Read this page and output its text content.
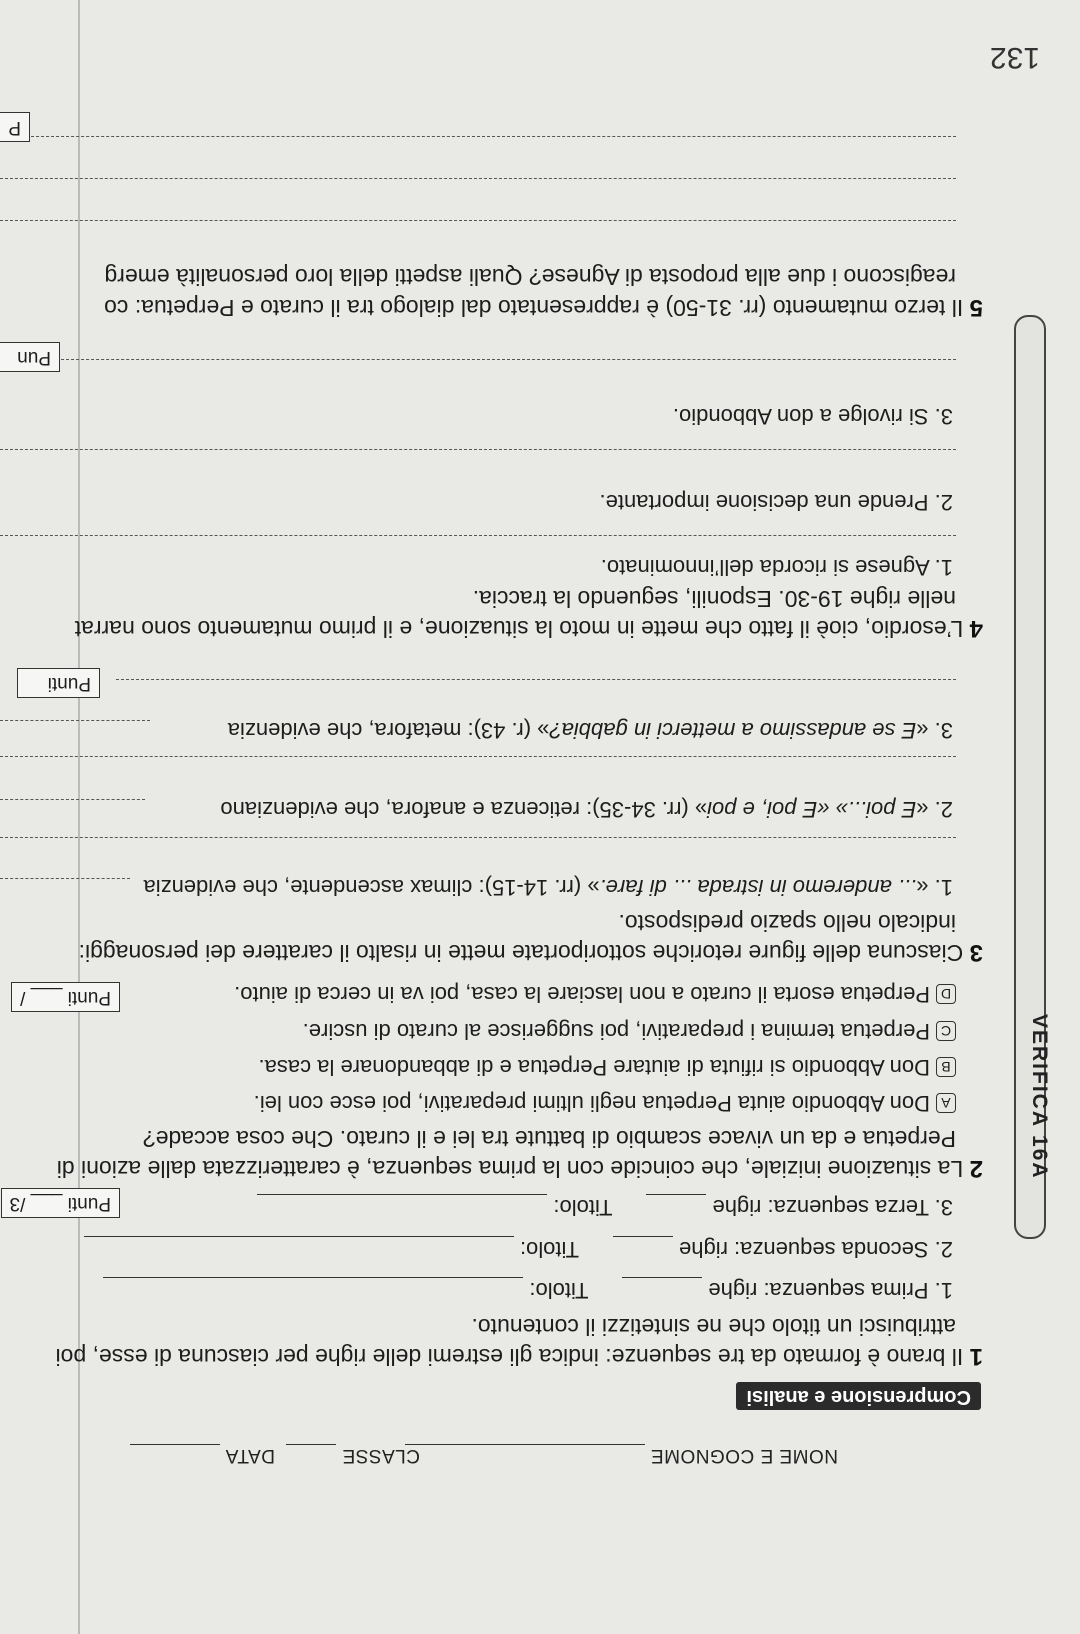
NOME E COGNOME
CLASSE
DATA
Comprensione e analisi
VERIFICA 16A
1 Il brano è formato da tre sequenze: indica gli estremi delle righe per ciascuna di esse, poi
attribuisci un titolo che ne sintetizzi il contenuto.
1. Prima sequenza: righe   Titolo:
2. Seconda sequenza: righe   Titolo:
3. Terza sequenza: righe   Titolo:
Punti ___ /3
2 La situazione iniziale, che coincide con la prima sequenza, è caratterizzata dalle azioni di
Perpetua e da un vivace scambio di battute tra lei e il curato. Che cosa accade?
ADon Abbondio aiuta Perpetua negli ultimi preparativi, poi esce con lei.
BDon Abbondio si rifiuta di aiutare Perpetua e di abbandonare la casa.
CPerpetua termina i preparativi, poi suggerisce al curato di uscire.
DPerpetua esorta il curato a non lasciare la casa, poi va in cerca di aiuto.
Punti ___ /
3 Ciascuna delle figure retoriche sottoriportate mette in risalto il carattere dei personaggi:
indicalo nello spazio predisposto.
1. «... anderemo in istrada ... di fare.» (rr. 14-15): climax ascendente, che evidenzia
2. «E poi...» «E poi, e poi» (rr. 34-35): reticenza e anafora, che evidenziano
3. «E se andassimo a metterci in gabbia?» (r. 43): metafora, che evidenzia
Punti
4 L’esordio, cioè il fatto che mette in moto la situazione, e il primo mutamento sono narrat
nelle righe 19-30. Esponili, seguendo la traccia.
1. Agnese si ricorda dell’innominato.
2. Prende una decisione importante.
3. Si rivolge a don Abbondio.
Pun
5 Il terzo mutamento (rr. 31-50) è rappresentato dal dialogo tra il curato e Perpetua: co
reagiscono i due alla proposta di Agnese? Quali aspetti della loro personalità emerg
P
132
